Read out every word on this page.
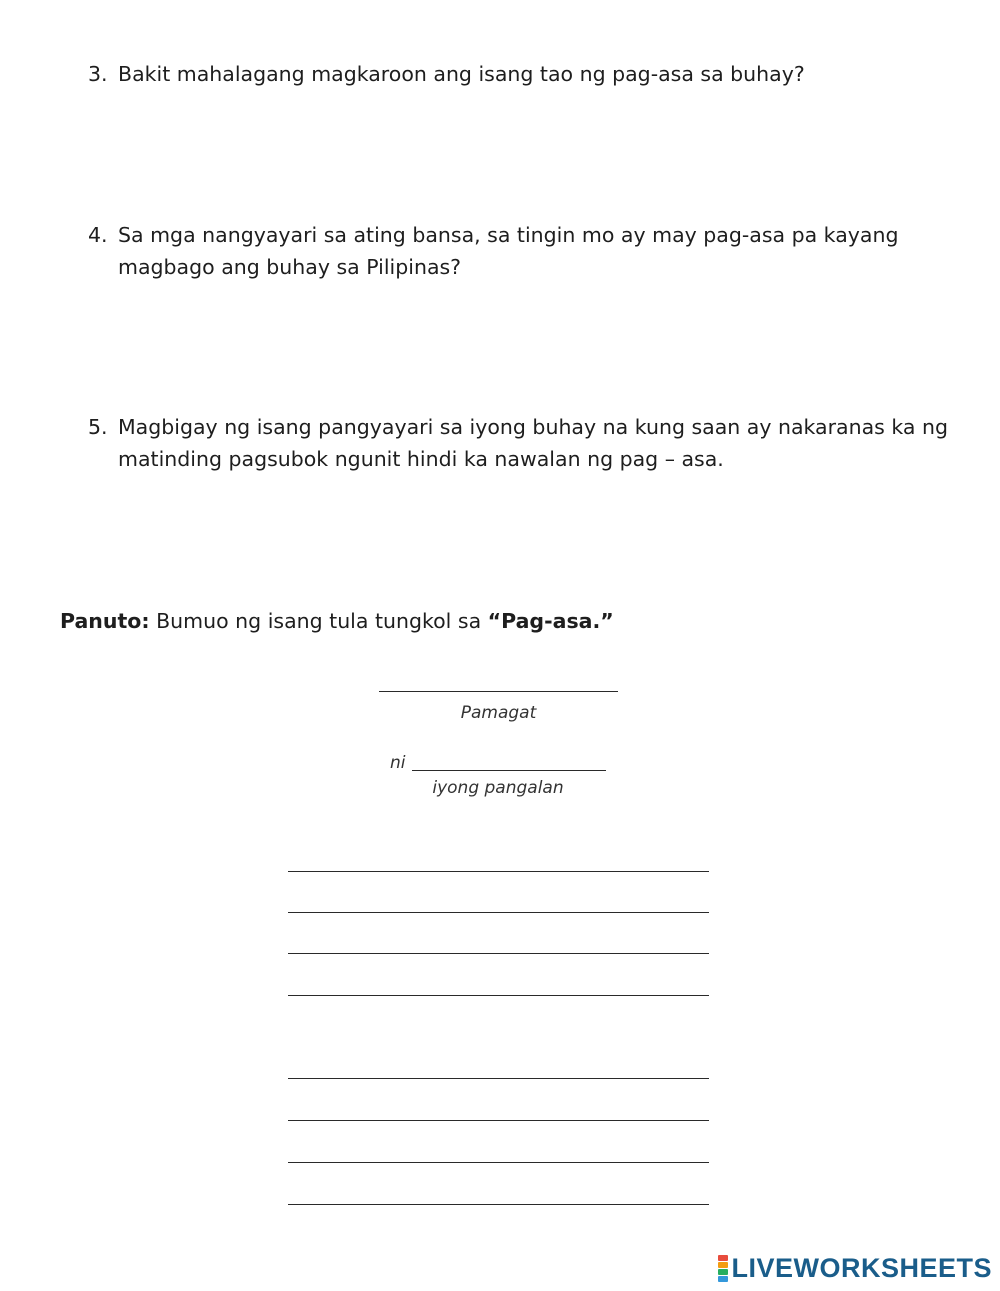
3. Bakit mahalagang magkaroon ang isang tao ng pag-asa sa buhay?
4. Sa mga nangyayari sa ating bansa, sa tingin mo ay may pag-asa pa kayang magbago ang buhay sa Pilipinas?
5. Magbigay ng isang pangyayari sa iyong buhay na kung saan ay nakaranas ka ng matinding pagsubok ngunit hindi ka nawalan ng pag – asa.
Panuto: Bumuo ng isang tula tungkol sa “Pag-asa.”
Pamagat
ni
iyong pangalan
LIVEWORKSHEETS
